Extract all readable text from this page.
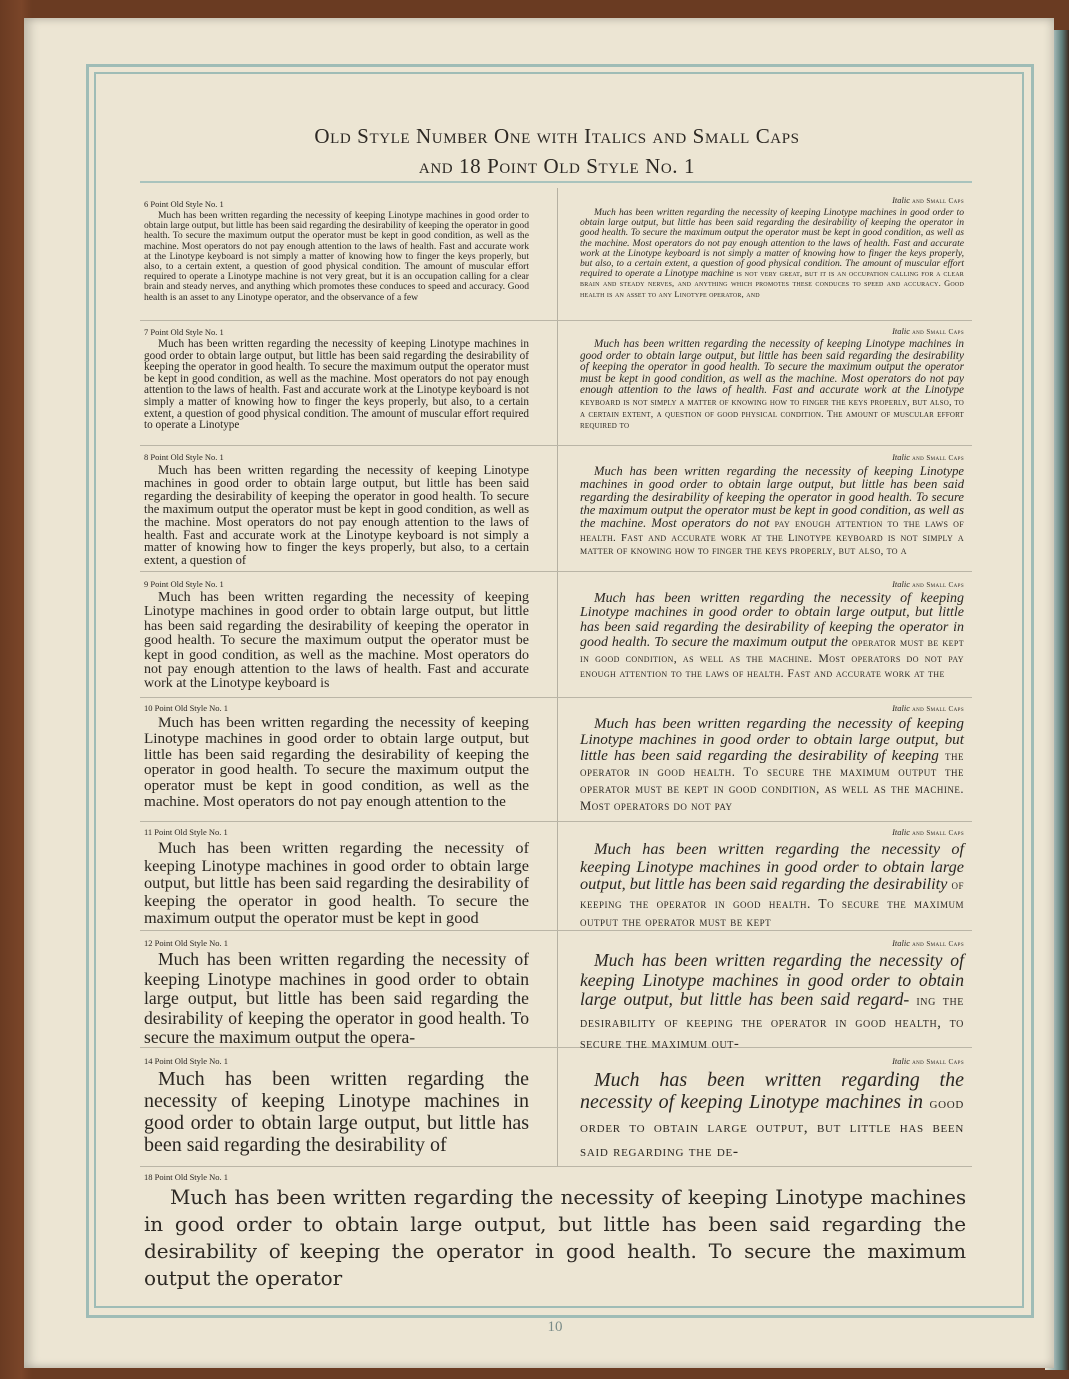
Old Style Number One with Italics and Small Caps
and 18 Point Old Style No. 1
6 Point Old Style No. 1
Much has been written regarding the necessity of keeping Linotype machines in good order to obtain large output, but little has been said regarding the desirability of keeping the operator in good health. To secure the maximum output the operator must be kept in good condition, as well as the machine. Most operators do not pay enough attention to the laws of health. Fast and accurate work at the Linotype keyboard is not simply a matter of knowing how to finger the keys properly, but also, to a certain extent, a question of good physical condition. The amount of muscular effort required to operate a Linotype machine is not very great, but it is an occupation calling for a clear brain and steady nerves, and anything which promotes these conduces to speed and accuracy. Good health is an asset to any Linotype operator, and the observance of a few
Italic and Small Caps
Much has been written regarding the necessity of keeping Linotype machines in good order to obtain large output, but little has been said regarding the desirability of keeping the operator in good health. To secure the maximum output the operator must be kept in good condition, as well as the machine. Most operators do not pay enough attention to the laws of health. Fast and accurate work at the Linotype keyboard is not simply a matter of knowing how to finger the keys properly, but also, to a certain extent, a question of good physical condition. The amount of muscular effort required to operate a Linotype machine is not very great, but it is an occupation calling for a clear brain and steady nerves, and anything which promotes these conduces to speed and accuracy. Good health is an asset to any Linotype operator, and
7 Point Old Style No. 1
Much has been written regarding the necessity of keeping Linotype machines in good order to obtain large output, but little has been said regarding the desirability of keeping the operator in good health. To secure the maximum output the operator must be kept in good condition, as well as the machine. Most operators do not pay enough attention to the laws of health. Fast and accurate work at the Linotype keyboard is not simply a matter of knowing how to finger the keys properly, but also, to a certain extent, a question of good physical condition. The amount of muscular effort required to operate a Linotype
Italic and Small Caps
Much has been written regarding the necessity of keeping Linotype machines in good order to obtain large output, but little has been said regarding the desirability of keeping the operator in good health. To secure the maximum output the operator must be kept in good condition, as well as the machine. Most operators do not pay enough attention to the laws of health. Fast and accurate work at the Linotype keyboard is not simply a matter of knowing how to finger the keys properly, but also, to a certain extent, a question of good physical condition. The amount of muscular effort required to
8 Point Old Style No. 1
Much has been written regarding the necessity of keeping Linotype machines in good order to obtain large output, but little has been said regarding the desirability of keeping the operator in good health. To secure the maximum output the operator must be kept in good condition, as well as the machine. Most operators do not pay enough attention to the laws of health. Fast and accurate work at the Linotype keyboard is not simply a matter of knowing how to finger the keys properly, but also, to a certain extent, a question of
Italic and Small Caps
Much has been written regarding the necessity of keeping Linotype machines in good order to obtain large output, but little has been said regarding the desirability of keeping the operator in good health. To secure the maximum output the operator must be kept in good condition, as well as the machine. Most operators do not pay enough attention to the laws of health. Fast and accurate work at the Linotype keyboard is not simply a matter of knowing how to finger the keys properly, but also, to a
9 Point Old Style No. 1
Much has been written regarding the necessity of keeping Linotype machines in good order to obtain large output, but little has been said regarding the desirability of keeping the operator in good health. To secure the maximum output the operator must be kept in good condition, as well as the machine. Most operators do not pay enough attention to the laws of health. Fast and accurate work at the Linotype keyboard is
Italic and Small Caps
Much has been written regarding the necessity of keeping Linotype machines in good order to obtain large output, but little has been said regarding the desirability of keeping the operator in good health. To secure the maximum output the operator must be kept in good condition, as well as the machine. Most operators do not pay enough attention to the laws of health. Fast and accurate work at the
10 Point Old Style No. 1
Much has been written regarding the necessity of keeping Linotype machines in good order to obtain large output, but little has been said regarding the desirability of keeping the operator in good health. To secure the maximum output the operator must be kept in good condition, as well as the machine. Most operators do not pay enough attention to the
Italic and Small Caps
Much has been written regarding the necessity of keeping Linotype machines in good order to obtain large output, but little has been said regarding the desirability of keeping the operator in good health. To secure the maximum output the operator must be kept in good condition, as well as the machine. Most operators do not pay
11 Point Old Style No. 1
Much has been written regarding the necessity of keeping Linotype machines in good order to obtain large output, but little has been said regarding the desirability of keeping the operator in good health. To secure the maximum output the operator must be kept in good
Italic and Small Caps
Much has been written regarding the necessity of keeping Linotype machines in good order to obtain large output, but little has been said regarding the desirability of keeping the operator in good health. To secure the maximum output the operator must be kept
12 Point Old Style No. 1
Much has been written regarding the necessity of keeping Linotype machines in good order to obtain large output, but little has been said regarding the desirability of keeping the operator in good health. To secure the maximum output the opera-
Italic and Small Caps
Much has been written regarding the necessity of keeping Linotype machines in good order to obtain large output, but little has been said regard- ing the desirability of keeping the operator in good health, to secure the maximum out-
14 Point Old Style No. 1
Much has been written regarding the necessity of keeping Linotype machines in good order to obtain large output, but little has been said regarding the desirability of
Italic and Small Caps
Much has been written regarding the necessity of keeping Linotype machines in good order to obtain large output, but little has been said regarding the de-
18 Point Old Style No. 1
Much has been written regarding the necessity of keeping Linotype machines in good order to obtain large output, but little has been said regarding the desirability of keeping the operator in good health. To secure the maximum output the operator
10
